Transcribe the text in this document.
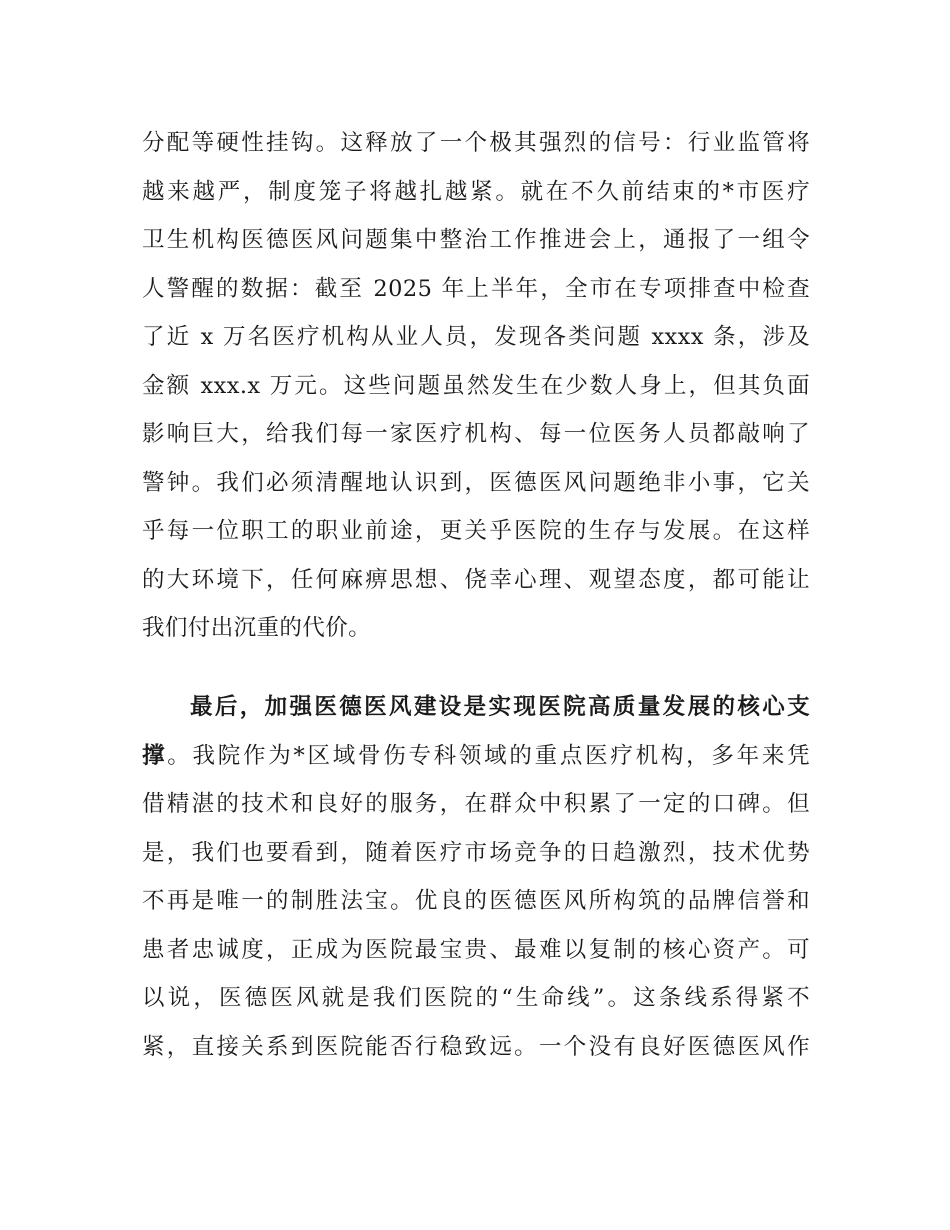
分配等硬性挂钩。这释放了一个极其强烈的信号：行业监管将
越来越严，制度笼子将越扎越紧。就在不久前结束的*市医疗
卫生机构医德医风问题集中整治工作推进会上，通报了一组令
人警醒的数据：截至 2025 年上半年，全市在专项排查中检查
了近 x 万名医疗机构从业人员，发现各类问题 xxxx 条，涉及
金额 xxx.x 万元。这些问题虽然发生在少数人身上，但其负面
影响巨大，给我们每一家医疗机构、每一位医务人员都敲响了
警钟。我们必须清醒地认识到，医德医风问题绝非小事，它关
乎每一位职工的职业前途，更关乎医院的生存与发展。在这样
的大环境下，任何麻痹思想、侥幸心理、观望态度，都可能让
我们付出沉重的代价。
最后，加强医德医风建设是实现医院高质量发展的核心支
撑。我院作为*区域骨伤专科领域的重点医疗机构，多年来凭
借精湛的技术和良好的服务，在群众中积累了一定的口碑。但
是，我们也要看到，随着医疗市场竞争的日趋激烈，技术优势
不再是唯一的制胜法宝。优良的医德医风所构筑的品牌信誉和
患者忠诚度，正成为医院最宝贵、最难以复制的核心资产。可
以说，医德医风就是我们医院的“生命线”。这条线系得紧不
紧，直接关系到医院能否行稳致远。一个没有良好医德医风作
